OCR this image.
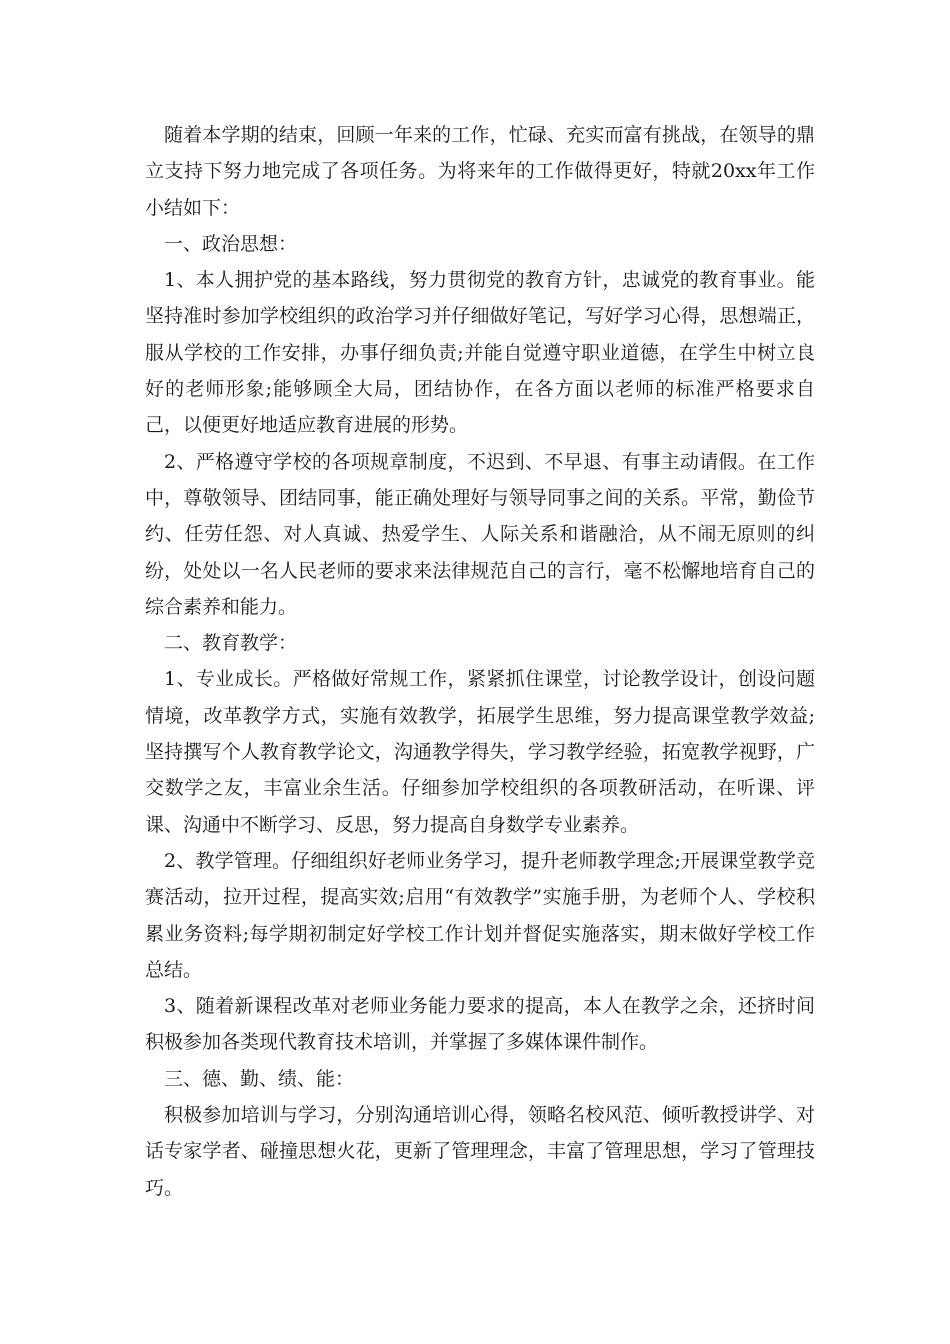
随着本学期的结束，回顾一年来的工作，忙碌、充实而富有挑战，在领导的鼎立支持下努力地完成了各项任务。为将来年的工作做得更好，特就20xx年工作小结如下：

一、政治思想：

1、本人拥护党的基本路线，努力贯彻党的教育方针，忠诚党的教育事业。能坚持准时参加学校组织的政治学习并仔细做好笔记，写好学习心得，思想端正，服从学校的工作安排，办事仔细负责;并能自觉遵守职业道德，在学生中树立良好的老师形象;能够顾全大局，团结协作，在各方面以老师的标准严格要求自己，以便更好地适应教育进展的形势。

2、严格遵守学校的各项规章制度，不迟到、不早退、有事主动请假。在工作中，尊敬领导、团结同事，能正确处理好与领导同事之间的关系。平常，勤俭节约、任劳任怨、对人真诚、热爱学生、人际关系和谐融洽，从不闹无原则的纠纷，处处以一名人民老师的要求来法律规范自己的言行，毫不松懈地培育自己的综合素养和能力。

二、教育教学：

1、专业成长。严格做好常规工作，紧紧抓住课堂，讨论教学设计，创设问题情境，改革教学方式，实施有效教学，拓展学生思维，努力提高课堂教学效益;坚持撰写个人教育教学论文，沟通教学得失，学习教学经验，拓宽教学视野，广交数学之友，丰富业余生活。仔细参加学校组织的各项教研活动，在听课、评课、沟通中不断学习、反思，努力提高自身数学专业素养。

2、教学管理。仔细组织好老师业务学习，提升老师教学理念;开展课堂教学竞赛活动，拉开过程，提高实效;启用“有效教学”实施手册，为老师个人、学校积累业务资料;每学期初制定好学校工作计划并督促实施落实，期末做好学校工作总结。

3、随着新课程改革对老师业务能力要求的提高，本人在教学之余，还挤时间积极参加各类现代教育技术培训，并掌握了多媒体课件制作。

三、德、勤、绩、能：

积极参加培训与学习，分别沟通培训心得，领略名校风范、倾听教授讲学、对话专家学者、碰撞思想火花，更新了管理理念，丰富了管理思想，学习了管理技巧。
